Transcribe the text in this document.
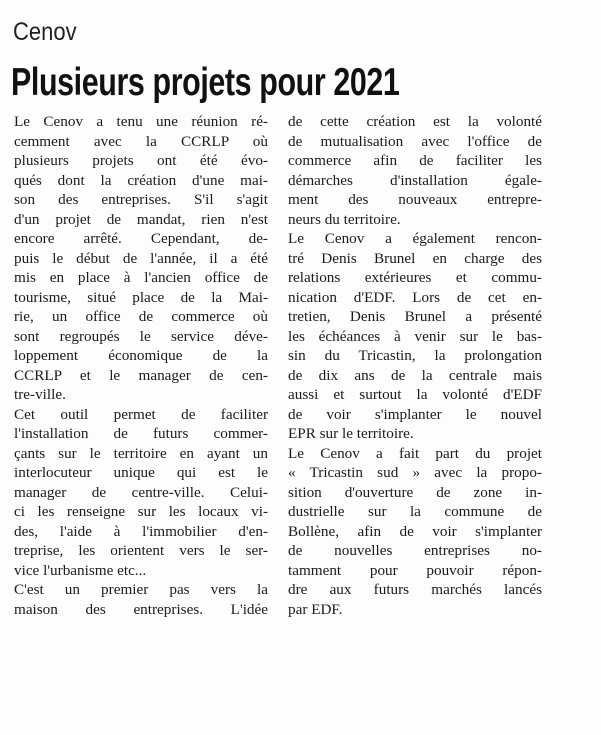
Cenov
Plusieurs projets pour 2021
Le Cenov a tenu une réunion ré-
cemment avec la CCRLP où
plusieurs projets ont été évo-
qués dont la création d'une mai-
son des entreprises. S'il s'agit
d'un projet de mandat, rien n'est
encore arrêté. Cependant, de-
puis le début de l'année, il a été
mis en place à l'ancien office de
tourisme, situé place de la Mai-
rie, un office de commerce où
sont regroupés le service déve-
loppement économique de la
CCRLP et le manager de cen-
tre-ville.
Cet outil permet de faciliter
l'installation de futurs commer-
çants sur le territoire en ayant un
interlocuteur unique qui est le
manager de centre-ville. Celui-
ci les renseigne sur les locaux vi-
des, l'aide à l'immobilier d'en-
treprise, les orientent vers le ser-
vice l'urbanisme etc...
C'est un premier pas vers la
maison des entreprises. L'idée
de cette création est la volonté
de mutualisation avec l'office de
commerce afin de faciliter les
démarches d'installation égale-
ment des nouveaux entrepre-
neurs du territoire.
Le Cenov a également rencon-
tré Denis Brunel en charge des
relations extérieures et commu-
nication d'EDF. Lors de cet en-
tretien, Denis Brunel a présenté
les échéances à venir sur le bas-
sin du Tricastin, la prolongation
de dix ans de la centrale mais
aussi et surtout la volonté d'EDF
de voir s'implanter le nouvel
EPR sur le territoire.
Le Cenov a fait part du projet
« Tricastin sud » avec la propo-
sition d'ouverture de zone in-
dustrielle sur la commune de
Bollène, afin de voir s'implanter
de nouvelles entreprises no-
tamment pour pouvoir répon-
dre aux futurs marchés lancés
par EDF.
